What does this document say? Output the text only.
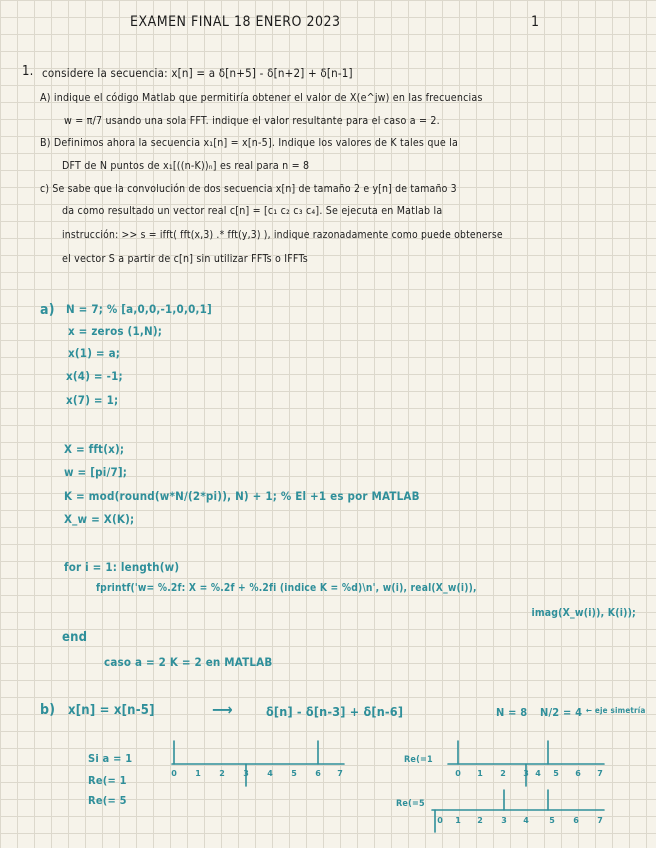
EXAMEN FINAL 18 ENERO 2023	1
1. considere la secuencia: x[n] = a δ[n+5] - δ[n+2] + δ[n-1]
A) indique el código Matlab que permitiría obtener el valor de X(e^jw) en las frecuencias
w = π/7 usando una sola FFT. indique el valor resultante para el caso a = 2.
B) Definimos ahora la secuencia x₁[n] = x[n-5]. Indique los valores de K tales que la
DFT de N puntos de x₁[((n-K))ₙ] es real para n = 8
c) Se sabe que la convolución de dos secuencia x[n] de tamaño 2 e y[n] de tamaño 3
da como resultado un vector real c[n] = [c₁ c₂ c₃ c₄]. Se ejecuta en Matlab la
instrucción: >> s = ifft( fft(x,3) .* fft(y,3) ), indique razonadamente como puede obtenerse
el vector S a partir de c[n] sin utilizar FFTs o IFFTs
a) N = 7; % [a,0,0,-1,0,0,1]
x = zeros (1,N);
x(1) = a;
x(4) = -1;
x(7) = 1;
X = fft(x);
w = [pi/7];
K = mod(round(w*N/(2*pi)), N) + 1; % El +1 es por MATLAB
X_w = X(K);
for i = 1: length(w)
fprintf('w= %.2f: X = %.2f + %.2fi (indice K = %d)\n', w(i), real(X_w(i)),
imag(X_w(i)), K(i));
end
caso a = 2 K = 2 en MATLAB
b) x[n] = x[n-5]	⟶	δ[n] - δ[n-3] + δ[n-6]	N = 8 N/2 = 4 ← eje simetría
Si a = 1
Re(= 1
Re(= 5
Re(=1
Re(=5
0 1 2 3 4 5 6 7	0 1 2 3 4 5 6 7
0 1 2 3 4	5 6 7
